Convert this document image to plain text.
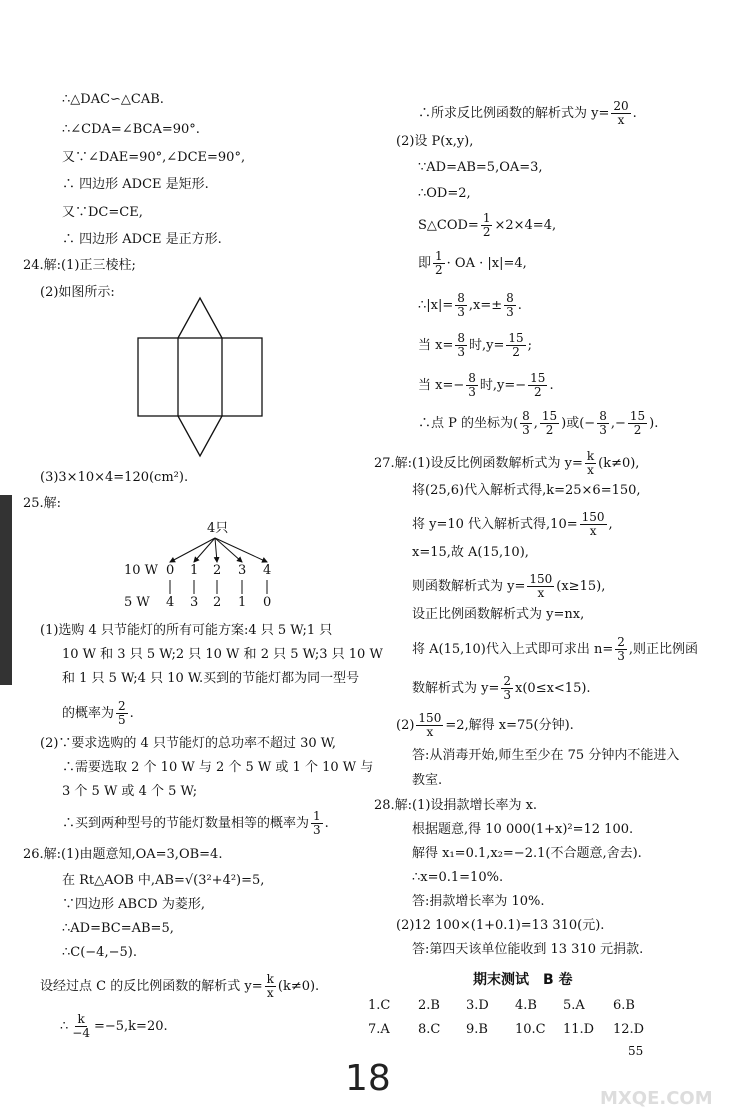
∴△DAC∽△CAB.
∴∠CDA=∠BCA=90°.
又∵∠DAE=90°,∠DCE=90°,
∴ 四边形 ADCE 是矩形.
又∵DC=CE,
∴ 四边形 ADCE 是正方形.
24.解:(1)正三棱柱;
(2)如图所示:
(3)3×10×4=120(cm²).
25.解:
4只
10 W 0 1 2 3 4
5 W 4 3 2 1 0
(1)选购 4 只节能灯的所有可能方案:4 只 5 W;1 只
10 W 和 3 只 5 W;2 只 10 W 和 2 只 5 W;3 只 10 W
和 1 只 5 W;4 只 10 W.买到的节能灯都为同一型号
的概率为 $\frac{2}{5}$ .
(2)∵要求选购的 4 只节能灯的总功率不超过 30 W,
∴需要选取 2 个 10 W 与 2 个 5 W 或 1 个 10 W 与
3 个 5 W 或 4 个 5 W;
∴买到两种型号的节能灯数量相等的概率为 $\frac{1}{3}$ .
26.解:(1)由题意知,OA=3,OB=4.
在 Rt△AOB 中,AB=√(3²+4²)=5,
∵四边形 ABCD 为菱形,
∴AD=BC=AB=5,
∴C(−4,−5).
设经过点 C 的反比例函数的解析式 $y= \frac{k}{x} (k\ne 0)$.
∴ $\frac{k}{-4} =-5,k=20$.
∴所求反比例函数的解析式为 $y= \frac{20}{x}$ .
(2)设 P(x,y),
∵AD=AB=5,OA=3,
∴OD=2,
S△COD= $\frac{1}{2} \times 2\times 4=4$,
即 $\frac{1}{2}$ · OA · |x|=4,
∴|x|= $\frac{8}{3} ,x=\pm \frac{8}{3}$ .
当 $x= \frac{8}{3}$ 时$,y= \frac{15}{2}$ ;
当 $x=- \frac{8}{3}$ 时$,y=- \frac{15}{2}$ .
∴点 P 的坐标为( $\frac{8}{3}$ , $\frac{15}{2}$ )或(− $\frac{8}{3}$ ,− $\frac{15}{2}$ ).
27.解:(1)设反比例函数解析式为 $y= \frac{k}{x} (k\ne 0)$,
将(25,6)代入解析式得,k=25×6=150,
将 y=10 代入解析式得$,10= \frac{150}{x}$ ,
x=15,故 A(15,10),
则函数解析式为 $y= \frac{150}{x} (x\ge 15)$,
设正比例函数解析式为 y=nx,
将 A(15,10)代入上式即可求出 $n= \frac{2}{3}$ ,则正比例函
数解析式为 $y= \frac{2}{3} x(0\le x<15)$.
$(2) \frac{150}{x} =2$,解得 x=75(分钟).
答:从消毒开始,师生至少在 75 分钟内不能进入
教室.
28.解:(1)设捐款增长率为 x.
根据题意,得 10 000(1+x)²=12 100.
解得 x₁=0.1,x₂=−2.1(不合题意,舍去).
∴x=0.1=10%.
答:捐款增长率为 10%.
(2)12 100×(1+0.1)=13 310(元).
答:第四天该单位能收到 13 310 元捐款.
期末测试　B 卷
1.C 2.B 3.D 4.B 5.A 6.B
7.A 8.C 9.B 10.C 11.D 12.D
55
18	MXQE.COM
